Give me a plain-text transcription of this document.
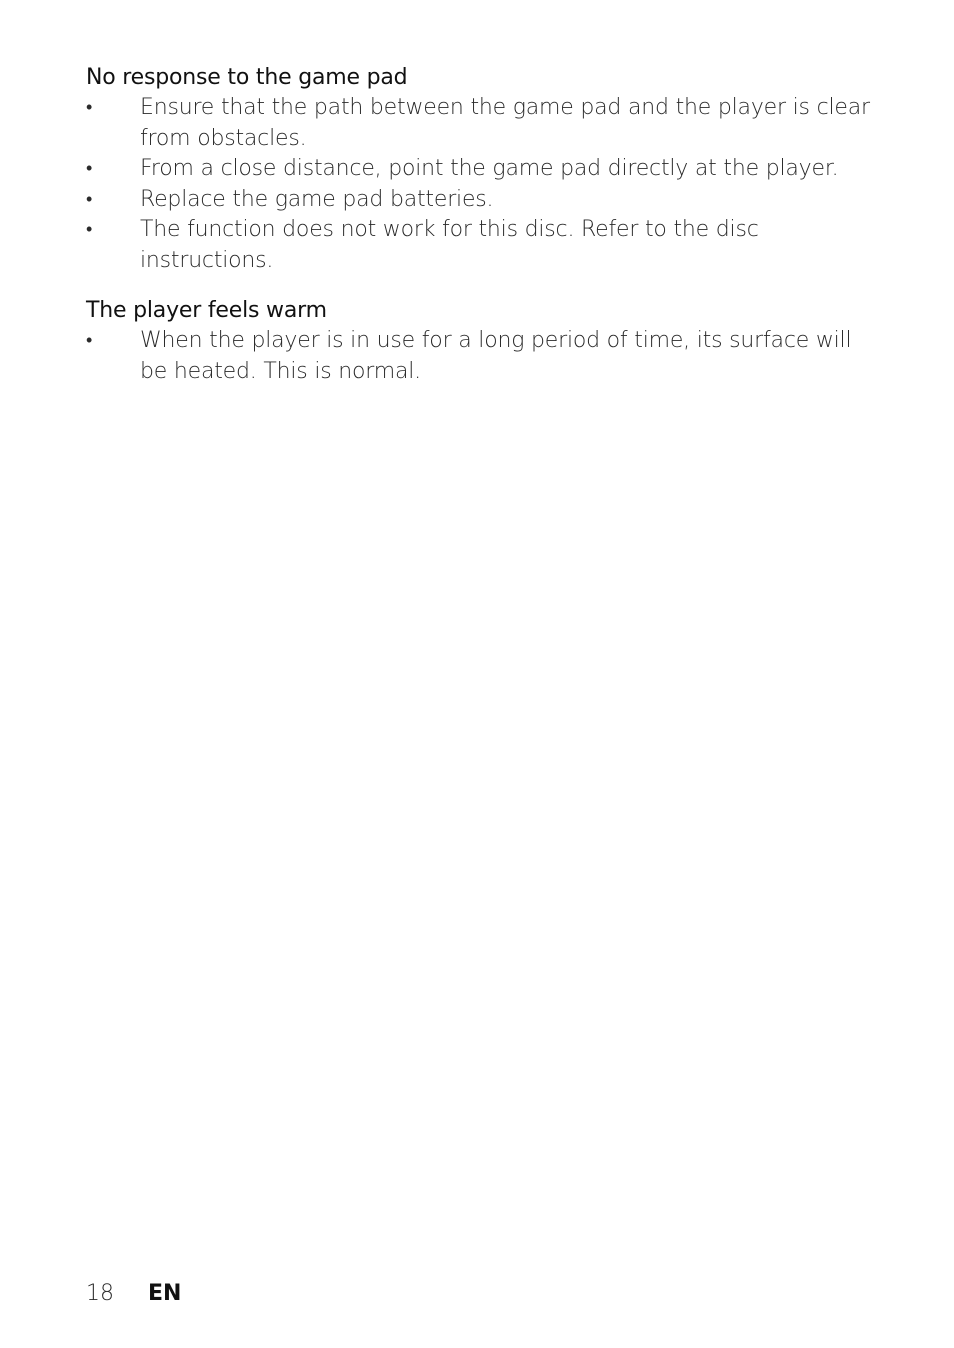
No response to the game pad
• Ensure that the path between the game pad and the player is clear from obstacles.
• From a close distance, point the game pad directly at the player.
• Replace the game pad batteries.
• The function does not work for this disc. Refer to the disc instructions.
The player feels warm
• When the player is in use for a long period of time, its surface will be heated. This is normal.
18 EN
